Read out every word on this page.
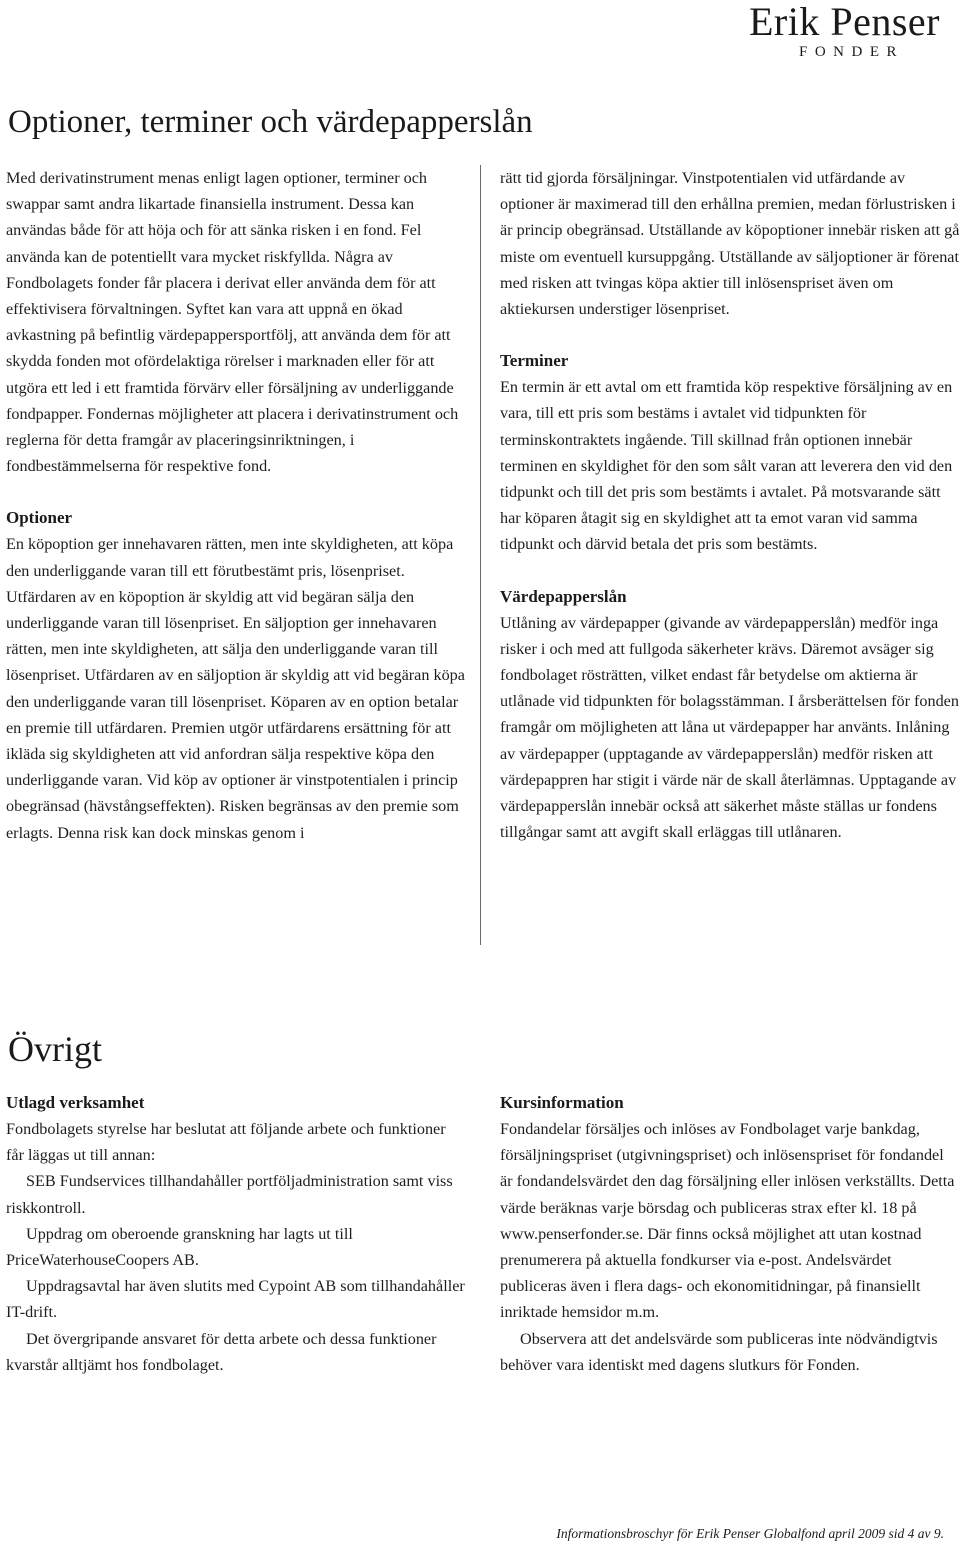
Erik Penser
FONDER
Optioner, terminer och värdepapperslån

Med derivatinstrument menas enligt lagen optioner, terminer och swappar samt andra likartade finansiella instrument. Dessa kan användas både för att höja och för att sänka risken i en fond. Fel använda kan de potentiellt vara mycket riskfyllda. Några av Fondbolagets fonder får placera i derivat eller använda dem för att effektivisera förvaltningen. Syftet kan vara att uppnå en ökad avkastning på befintlig värdepappersportfölj, att använda dem för att skydda fonden mot ofördelaktiga rörelser i marknaden eller för att utgöra ett led i ett framtida förvärv eller försäljning av underliggande fondpapper. Fondernas möjligheter att placera i derivatinstrument och reglerna för detta framgår av placeringsinriktningen, i fondbestämmelserna för respektive fond.

Optioner

En köpoption ger innehavaren rätten, men inte skyldigheten, att köpa den underliggande varan till ett förutbestämt pris, lösenpriset. Utfärdaren av en köpoption är skyldig att vid begäran sälja den underliggande varan till lösenpriset. En säljoption ger innehavaren rätten, men inte skyldigheten, att sälja den underliggande varan till lösenpriset. Utfärdaren av en säljoption är skyldig att vid begäran köpa den underliggande varan till lösenpriset. Köparen av en option betalar en premie till utfärdaren. Premien utgör utfärdarens ersättning för att ikläda sig skyldigheten att vid anfordran sälja respektive köpa den underliggande varan. Vid köp av optioner är vinstpotentialen i princip obegränsad (hävstångseffekten). Risken begränsas av den premie som erlagts. Denna risk kan dock minskas genom i

rätt tid gjorda försäljningar. Vinstpotentialen vid utfärdande av optioner är maximerad till den erhållna premien, medan förlustrisken i är princip obegränsad. Utställande av köpoptioner innebär risken att gå miste om eventuell kursuppgång. Utställande av säljoptioner är förenat med risken att tvingas köpa aktier till inlösenspriset även om aktiekursen understiger lösenpriset.

Terminer

En termin är ett avtal om ett framtida köp respektive försäljning av en vara, till ett pris som bestäms i avtalet vid tidpunkten för terminskontraktets ingående. Till skillnad från optionen innebär terminen en skyldighet för den som sålt varan att leverera den vid den tidpunkt och till det pris som bestämts i avtalet. På motsvarande sätt har köparen åtagit sig en skyldighet att ta emot varan vid samma tidpunkt och därvid betala det pris som bestämts.

Värdepapperslån

Utlåning av värdepapper (givande av värdepapperslån) medför inga risker i och med att fullgoda säkerheter krävs. Däremot avsäger sig fondbolaget rösträtten, vilket endast får betydelse om aktierna är utlånade vid tidpunkten för bolagsstämman. I årsberättelsen för fonden framgår om möjligheten att låna ut värdepapper har använts. Inlåning av värdepapper (upptagande av värdepapperslån) medför risken att värdepappren har stigit i värde när de skall återlämnas. Upptagande av värdepapperslån innebär också att säkerhet måste ställas ur fondens tillgångar samt att avgift skall erläggas till utlånaren.

Övrigt
Utlagd verksamhet

Fondbolagets styrelse har beslutat att följande arbete och funktioner får läggas ut till annan:

SEB Fundservices tillhandahåller portföljadministration samt viss riskkontroll.

Uppdrag om oberoende granskning har lagts ut till PriceWaterhouseCoopers AB.

Uppdragsavtal har även slutits med Cypoint AB som tillhandahåller IT-drift.

Det övergripande ansvaret för detta arbete och dessa funktioner kvarstår alltjämt hos fondbolaget.

Kursinformation

Fondandelar försäljes och inlöses av Fondbolaget varje bankdag, försäljningspriset (utgivningspriset) och inlösenspriset för fondandel är fondandelsvärdet den dag försäljning eller inlösen verkställts. Detta värde beräknas varje börsdag och publiceras strax efter kl. 18 på www.penserfonder.se. Där finns också möjlighet att utan kostnad prenumerera på aktuella fondkurser via e-post. Andelsvärdet publiceras även i flera dags- och ekonomitidningar, på finansiellt inriktade hemsidor m.m.

Observera att det andelsvärde som publiceras inte nödvändigtvis behöver vara identiskt med dagens slutkurs för Fonden.

Informationsbroschyr för Erik Penser Globalfond april 2009 sid 4 av 9.
